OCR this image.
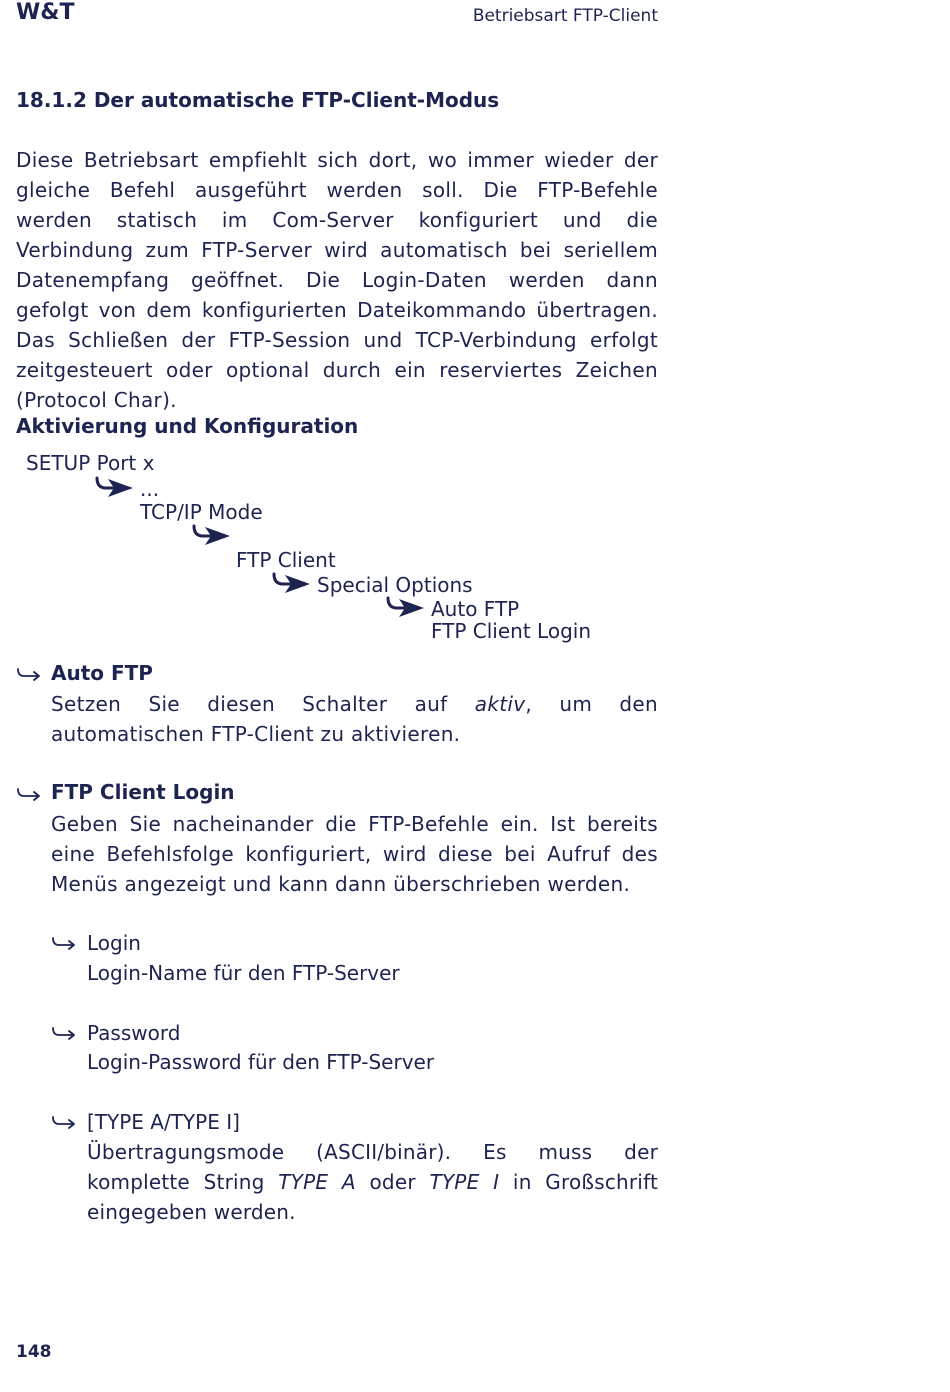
W&T	Betriebsart FTP-Client
18.1.2 Der automatische FTP-Client-Modus
Diese Betriebsart empfiehlt sich dort, wo immer wieder der gleiche Befehl ausgeführt werden soll. Die FTP-Befehle werden statisch im Com-Server konfiguriert und die Verbindung zum FTP-Server wird automatisch bei seriellem Datenempfang geöffnet. Die Login-Daten werden dann gefolgt von dem konfigurierten Dateikommando übertragen. Das Schließen der FTP-Session und TCP-Verbindung erfolgt zeitgesteuert oder optional durch ein reserviertes Zeichen (Protocol Char).
Aktivierung und Konfiguration
SETUP Port x
...
TCP/IP Mode
FTP Client
Special Options
Auto FTP
FTP Client Login
Auto FTP
Setzen Sie diesen Schalter auf aktiv, um den automatischen FTP-Client zu aktivieren.
FTP Client Login
Geben Sie nacheinander die FTP-Befehle ein. Ist bereits eine Befehlsfolge konfiguriert, wird diese bei Aufruf des Menüs angezeigt und kann dann überschrieben werden.
Login
Login-Name für den FTP-Server
Password
Login-Password für den FTP-Server
[TYPE A/TYPE I]
Übertragungsmode (ASCII/binär). Es muss der komplette String TYPE A oder TYPE I in Großschrift eingegeben werden.
148
